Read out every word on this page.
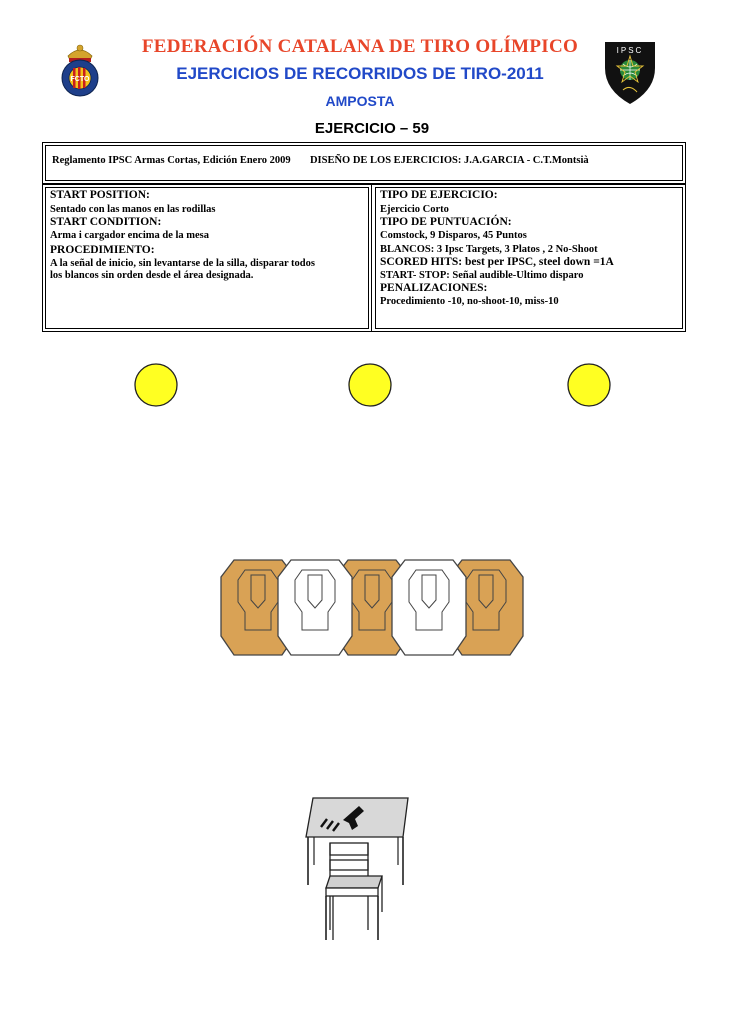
FCTO
IPSC
FEDERACIÓN CATALANA DE TIRO OLÍMPICO
EJERCICIOS DE RECORRIDOS DE TIRO-2011
AMPOSTA
EJERCICIO – 59
Reglamento IPSC Armas Cortas, Edición Enero 2009 DISEÑO DE LOS EJERCICIOS: J.A.GARCIA - C.T.Montsià
START POSITION:
Sentado con las manos en las rodillas
START CONDITION:
Arma i cargador encima de la mesa
PROCEDIMIENTO:
A la señal de inicio, sin levantarse de la silla, disparar todos
los blancos sin orden desde el área designada.
TIPO DE EJERCICIO:
Ejercicio Corto
TIPO DE PUNTUACIÓN:
Comstock, 9 Disparos, 45 Puntos
BLANCOS: 3 Ipsc Targets, 3 Platos , 2 No-Shoot
SCORED HITS: best per IPSC, steel down =1A
START- STOP: Señal audible-Ultimo disparo
PENALIZACIONES:
Procedimiento -10, no-shoot-10, miss-10
